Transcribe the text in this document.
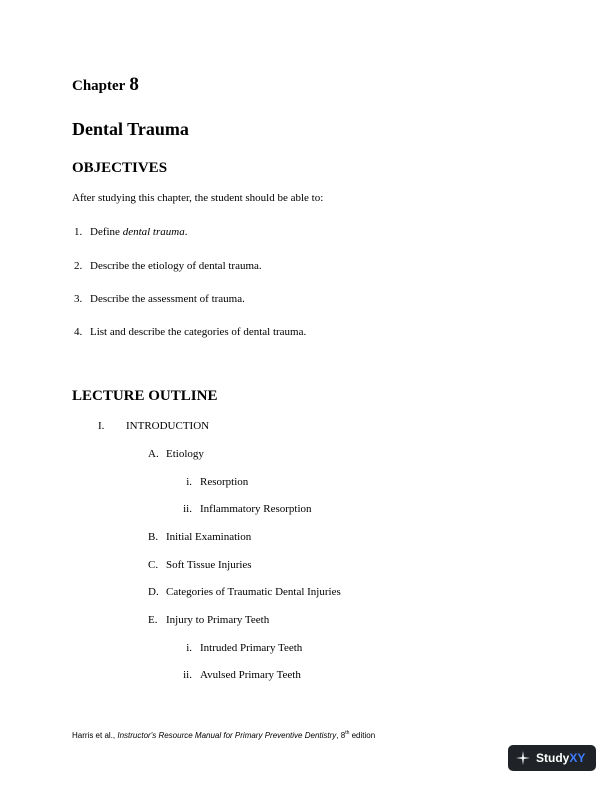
Chapter 8
Dental Trauma
OBJECTIVES
After studying this chapter, the student should be able to:
1. Define dental trauma.
2. Describe the etiology of dental trauma.
3. Describe the assessment of trauma.
4. List and describe the categories of dental trauma.
LECTURE OUTLINE
I. INTRODUCTION
A. Etiology
i. Resorption
ii. Inflammatory Resorption
B. Initial Examination
C. Soft Tissue Injuries
D. Categories of Traumatic Dental Injuries
E. Injury to Primary Teeth
i. Intruded Primary Teeth
ii. Avulsed Primary Teeth
Harris et al., Instructor's Resource Manual for Primary Preventive Dentistry, 8th edition
StudyXY
